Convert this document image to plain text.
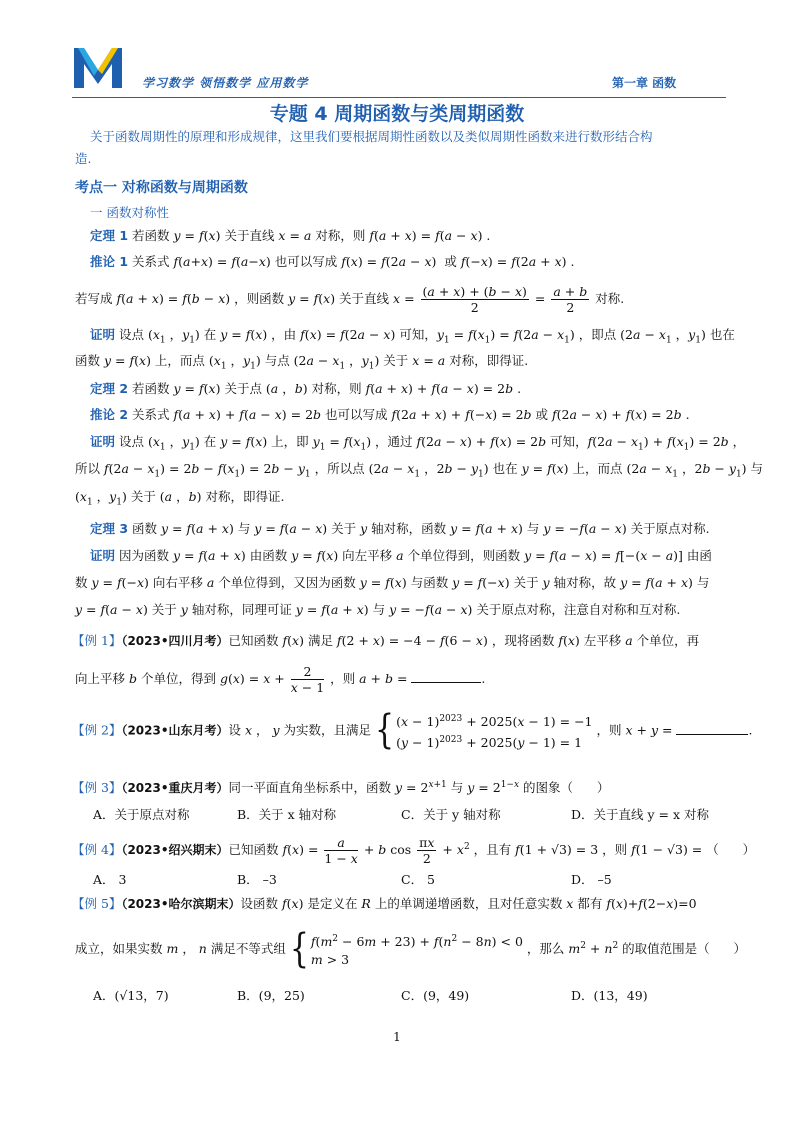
学习数学 领悟数学 应用数学	第一章 函数
专题 4 周期函数与类周期函数
关于函数周期性的原理和形成规律，这里我们要根据周期性函数以及类似周期性函数来进行数形结合构
造.
考点一 对称函数与周期函数
一 函数对称性
定理 1 若函数 y = f(x) 关于直线 x = a 对称，则 f(a + x) = f(a − x) .
推论 1 关系式 f(a+x) = f(a−x) 也可以写成 f(x) = f(2a − x)  或 f(−x) = f(2a + x) .
若写成 f(a + x) = f(b − x) ，则函数 y = f(x) 关于直线 $x = \frac{(a + x) + (b - x)}{2} = \frac{a + b}{2}$ 对称.
证明 设点 ($x_1$ ，$y_1$) 在 y = f(x) ，由 f(x) = f(2a − x) 可知，$y_1 = f(x_1) = f(2a - x_1)$ ，即点 ($2a - x_1$ ，$y_1$) 也在
函数 y = f(x) 上，而点 ($x_1$ ，$y_1$) 与点 ($2a - x_1$ ，$y_1$) 关于 x = a 对称，即得证.
定理 2 若函数 y = f(x) 关于点 (a ，b) 对称，则 f(a + x) + f(a − x) = 2b .
推论 2 关系式 f(a + x) + f(a − x) = 2b 也可以写成 f(2a + x) + f(−x) = 2b 或 f(2a − x) + f(x) = 2b .
证明 设点 ($x_1$ ，$y_1$) 在 y = f(x) 上，即 $y_1 = f(x_1)$ ，通过 f(2a − x) + f(x) = 2b 可知，$f(2a - x_1) + f(x_1) = 2b$ ，
所以 $f(2a - x_1) = 2b - f(x_1) = 2b - y_1$ ，所以点 ($2a - x_1$ ，$2b - y_1$) 也在 y = f(x) 上，而点 ($2a - x_1$ ，$2b - y_1$) 与
($x_1$ ，$y_1$) 关于 (a ，b) 对称，即得证.
定理 3 函数 y = f(a + x) 与 y = f(a − x) 关于 y 轴对称，函数 y = f(a + x) 与 y = −f(a − x) 关于原点对称.
证明 因为函数 y = f(a + x) 由函数 y = f(x) 向左平移 a 个单位得到，则函数 y = f(a − x) = f[−(x − a)] 由函
数 y = f(−x) 向右平移 a 个单位得到，又因为函数 y = f(x) 与函数 y = f(−x) 关于 y 轴对称，故 y = f(a + x) 与
y = f(a − x) 关于 y 轴对称，同理可证 y = f(a + x) 与 y = −f(a − x) 关于原点对称，注意自对称和互对称.
【例 1】（2023•四川月考）已知函数 f(x) 满足 f(2 + x) = −4 − f(6 − x) ，现将函数 f(x) 左平移 a 个单位，再
向上平移 b 个单位，得到 $g(x) = x + \frac{2}{x - 1}$ ，则 a + b =	.
【例 2】（2023•山东月考）设 x ， y 为实数，且满足 { $(x - 1)^{2023} + 2025(x - 1) = -1$
$(y - 1)^{2023} + 2025(y - 1) = 1$
，则 x + y =	.
【例 3】（2023•重庆月考）同一平面直角坐标系中，函数 $y = 2^{x+1}$ 与 $y = 2^{1-x}$ 的图象（      ）
A．关于原点对称	B．关于 x 轴对称	C．关于 y 轴对称	D．关于直线 y = x 对称
【例 4】（2023•绍兴期末）已知函数 $f(x) = \frac{a}{1 - x} + b$ $\cos \frac{\pi x}{2} + x^2$ ，且有 f(1 + √3) = 3 ，则 f(1 − √3) = （      ）
A． 3	B． –3	C． 5	D． –5
【例 5】（2023•哈尔滨期末）设函数 f(x) 是定义在 R 上的单调递增函数，且对任意实数 x 都有 f(x)+f(2−x)=0
成立，如果实数 m ， n 满足不等式组 { $f(m^2 - 6m + 23) + f(n^2 - 8n) < 0$
m > 3
，那么 $m^2 + n^2$ 的取值范围是（      ）
A．(√13，7)	B．(9，25)	C．(9，49)	D．(13，49)
1
